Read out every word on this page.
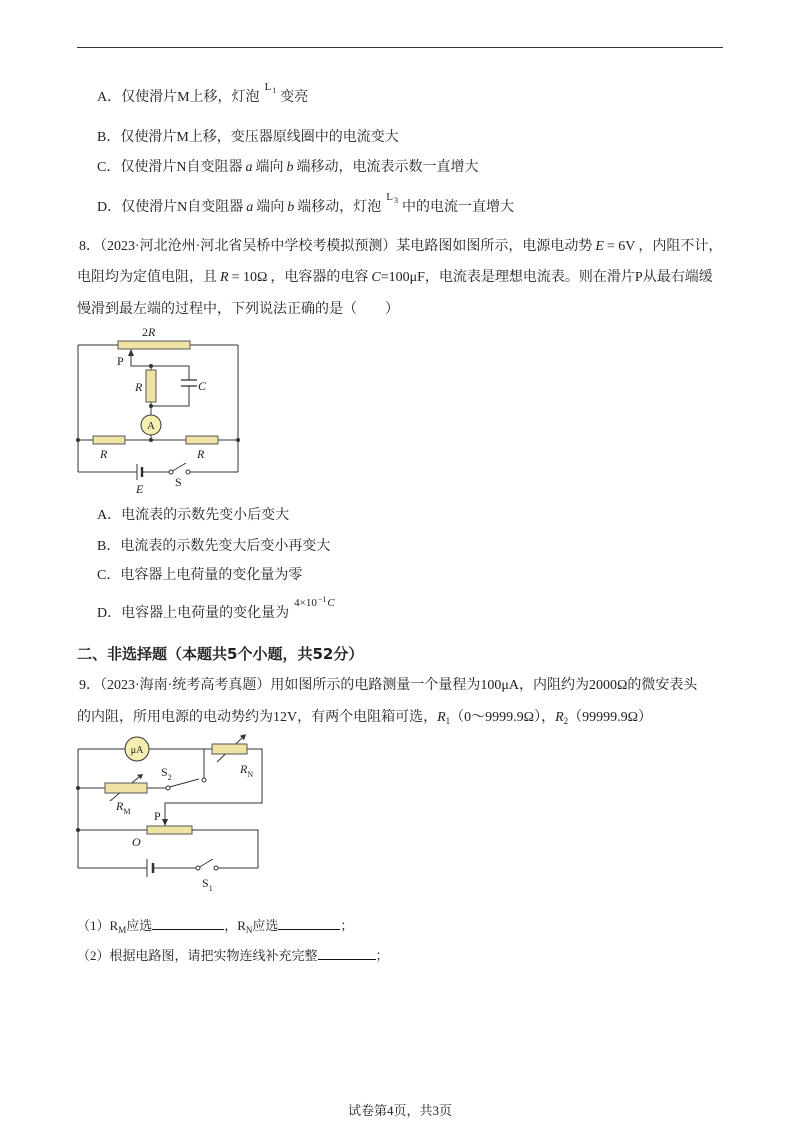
A．仅使滑片M上移，灯泡$^{L_1}$ 变亮
B．仅使滑片M上移，变压器原线圈中的电流变大
C．仅使滑片N自变阻器 a 端向 b 端移动，电流表示数一直增大
D．仅使滑片N自变阻器 a 端向 b 端移动，灯泡$^{L_3}$ 中的电流一直增大
8．（2023·河北沧州·河北省吴桥中学校考模拟预测）某电路图如图所示，电源电动势 E = 6V ，内阻不计，
电阻均为定值电阻，且 R = 10Ω ，电容器的电容 C=100μF，电流表是理想电流表。则在滑片P从最右端缓
慢滑到最左端的过程中，下列说法正确的是（　　）
2R
P
R	C
A
R	R
E	S
A．电流表的示数先变小后变大
B．电流表的示数先变大后变小再变大
C．电容器上电荷量的变化量为零
D．电容器上电荷量的变化量为$^{4\times 10^{-1}C}$
二、非选择题（本题共5个小题，共52分）
9．（2023·海南·统考高考真题）用如图所示的电路测量一个量程为100μA，内阻约为2000Ω的微安表头
的内阻，所用电源的电动势约为12V，有两个电阻箱可选，$R_1(0\sim 9999.9\Omega)$，$R_2(99999.9\Omega)$
μA
$R_N$
$S_2$
$R_M$ P
O
$S_1$
$(1)R_M$应选	，$R_N$应选	；
（2）根据电路图，请把实物连线补充完整	；
试卷第4页，共3页
